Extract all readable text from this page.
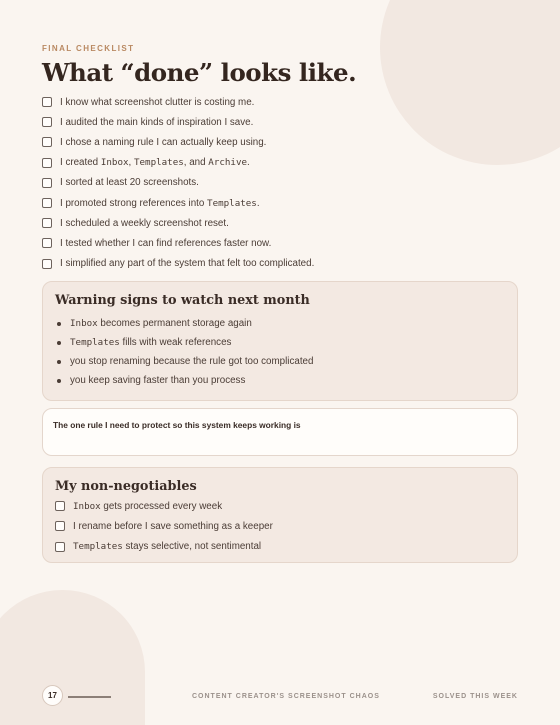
FINAL CHECKLIST
What “done” looks like.
I know what screenshot clutter is costing me.
I audited the main kinds of inspiration I save.
I chose a naming rule I can actually keep using.
I created Inbox, Templates, and Archive.
I sorted at least 20 screenshots.
I promoted strong references into Templates.
I scheduled a weekly screenshot reset.
I tested whether I can find references faster now.
I simplified any part of the system that felt too complicated.
Warning signs to watch next month
Inbox becomes permanent storage again
Templates fills with weak references
you stop renaming because the rule got too complicated
you keep saving faster than you process
The one rule I need to protect so this system keeps working is
My non-negotiables
Inbox gets processed every week
I rename before I save something as a keeper
Templates stays selective, not sentimental
17	CONTENT CREATOR'S SCREENSHOT CHAOS	SOLVED THIS WEEK
